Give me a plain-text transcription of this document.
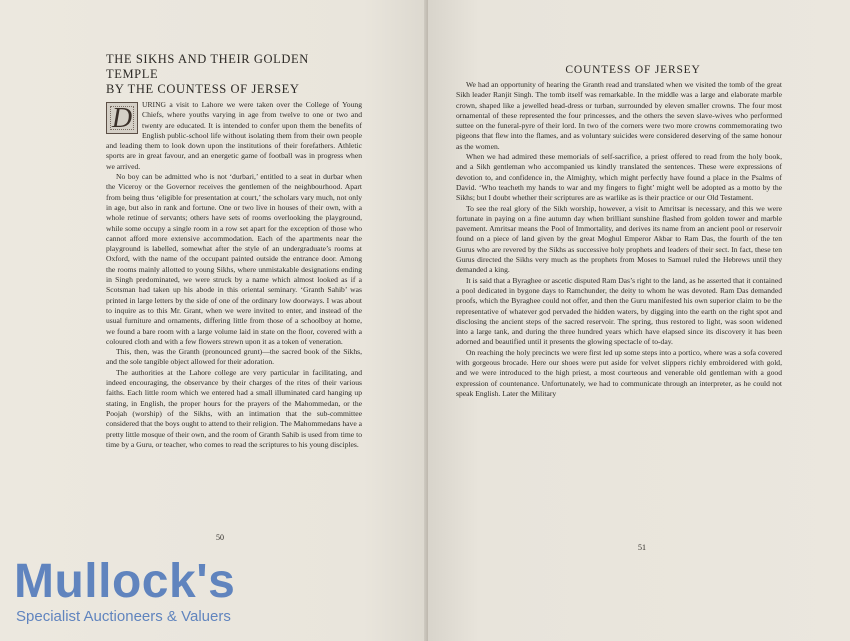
THE SIKHS AND THEIR GOLDEN

TEMPLE

BY THE COUNTESS OF JERSEY

D	URING a visit to Lahore we were taken over the College of Young Chiefs, where youths varying in age from twelve to one or two and twenty are educated. It is intended to confer upon them the benefits of English public-school life without isolating them from their own people and leading them to look down upon the institutions of their forefathers. Athletic sports are in great favour, and an energetic game of football was in progress when we arrived.

No boy can be admitted who is not ‘durbari,’ entitled to a seat in durbar when the Viceroy or the Governor receives the gentlemen of the neighbourhood. Apart from being thus ‘eligible for presentation at court,’ the scholars vary much, not only in age, but also in rank and fortune. One or two live in houses of their own, with a whole retinue of servants; others have sets of rooms overlooking the playground, while some occupy a single room in a row set apart for the exception of those who cannot afford more extensive accommodation. Each of the apartments near the playground is labelled, somewhat after the style of an undergraduate’s rooms at Oxford, with the name of the occupant painted outside the entrance door. Among the rooms mainly allotted to young Sikhs, where unmistakable designations ending in Singh predominated, we were struck by a name which almost looked as if a Scotsman had taken up his abode in this oriental seminary. ‘Granth Sahib’ was printed in large letters by the side of one of the ordinary low doorways. I was about to inquire as to this Mr. Grant, when we were invited to enter, and instead of the usual furniture and ornaments, differing little from those of a schoolboy at home, we found a bare room with a large volume laid in state on the floor, covered with a coloured cloth and with a few flowers strewn upon it as a token of veneration.

This, then, was the Granth (pronounced grunt)—the sacred book of the Sikhs, and the sole tangible object allowed for their adoration.

The authorities at the Lahore college are very particular in facilitating, and indeed encouraging, the observance by their charges of the rites of their various faiths. Each little room which we entered had a small illuminated card hanging up stating, in English, the proper hours for the prayers of the Mahommedan, or the Poojah (worship) of the Sikhs, with an intimation that the sub-committee considered that the boys ought to attend to their religion. The Mahommedans have a pretty little mosque of their own, and the room of Granth Sahib is used from time to time by a Guru, or teacher, who comes to read the scriptures to his young disciples.

50

Mullock's

Specialist Auctioneers & Valuers

COUNTESS OF JERSEY

We had an opportunity of hearing the Granth read and translated when we visited the tomb of the great Sikh leader Ranjit Singh. The tomb itself was remarkable. In the middle was a large and elaborate marble crown, shaped like a jewelled head-dress or turban, surrounded by eleven smaller crowns. The four most ornamental of these represented the four princesses, and the others the seven slave-wives who performed suttee on the funeral-pyre of their lord. In two of the corners were two more crowns commemorating two pigeons that flew into the flames, and as voluntary suicides were considered deserving of the same honour as the women.

When we had admired these memorials of self-sacrifice, a priest offered to read from the holy book, and a Sikh gentleman who accompanied us kindly translated the sentences. These were expressions of devotion to, and confidence in, the Almighty, which might perfectly have found a place in the Psalms of David. ‘Who teacheth my hands to war and my fingers to fight’ might well be adopted as a motto by the Sikhs; but I doubt whether their scriptures are as warlike as is their practice or our Old Testament.

To see the real glory of the Sikh worship, however, a visit to Amritsar is necessary, and this we were fortunate in paying on a fine autumn day when brilliant sunshine flashed from golden tower and marble pavement. Amritsar means the Pool of Immortality, and derives its name from an ancient pool or reservoir found on a piece of land given by the great Moghul Emperor Akbar to Ram Das, the fourth of the ten Gurus who are revered by the Sikhs as successive holy prophets and leaders of their sect. In fact, these ten Gurus directed the Sikhs very much as the prophets from Moses to Samuel ruled the Hebrews until they demanded a king.

It is said that a Byraghee or ascetic disputed Ram Das’s right to the land, as he asserted that it contained a pool dedicated in bygone days to Ramchunder, the deity to whom he was devoted. Ram Das demanded proofs, which the Byraghee could not offer, and then the Guru manifested his own superior claim to be the representative of whatever god pervaded the hidden waters, by digging into the earth on the right spot and disclosing the ancient steps of the sacred reservoir. The spring, thus restored to light, was soon widened into a large tank, and during the three hundred years which have elapsed since its discovery it has been adorned and beautified until it presents the glowing spectacle of to-day.

On reaching the holy precincts we were first led up some steps into a portico, where was a sofa covered with gorgeous brocade. Here our shoes were put aside for velvet slippers richly embroidered with gold, and we were introduced to the high priest, a most courteous and venerable old gentleman with a good expression of countenance. Unfortunately, we had to communicate through an interpreter, as he could not speak English. Later the Military

51
